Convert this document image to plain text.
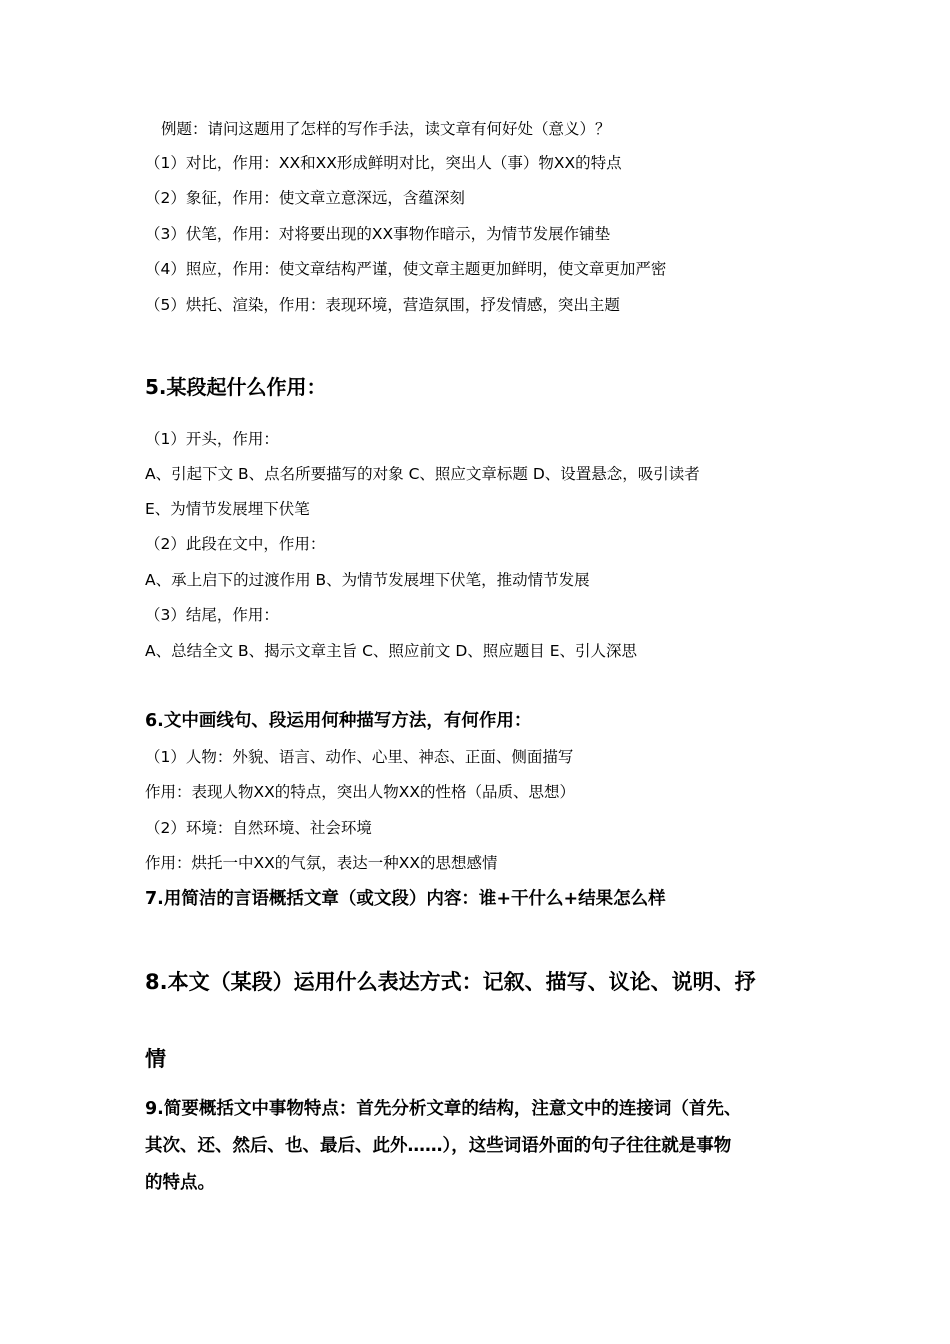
例题：请问这题用了怎样的写作手法，读文章有何好处（意义）？

（1）对比，作用：XX和XX形成鲜明对比，突出人（事）物XX的特点

（2）象征，作用：使文章立意深远，含蕴深刻

（3）伏笔，作用：对将要出现的XX事物作暗示，为情节发展作铺垫

（4）照应，作用：使文章结构严谨，使文章主题更加鲜明，使文章更加严密

（5）烘托、渲染，作用：表现环境，营造氛围，抒发情感，突出主题

5.某段起什么作用：

（1）开头，作用：

A、引起下文 B、点名所要描写的对象 C、照应文章标题 D、设置悬念，吸引读者

E、为情节发展埋下伏笔

（2）此段在文中，作用：

A、承上启下的过渡作用 B、为情节发展埋下伏笔，推动情节发展

（3）结尾，作用：

A、总结全文 B、揭示文章主旨 C、照应前文 D、照应题目 E、引人深思

6.文中画线句、段运用何种描写方法，有何作用：

（1）人物：外貌、语言、动作、心里、神态、正面、侧面描写

作用：表现人物XX的特点，突出人物XX的性格（品质、思想）

（2）环境：自然环境、社会环境

作用：烘托一中XX的气氛，表达一种XX的思想感情

7.用简洁的言语概括文章（或文段）内容：谁+干什么+结果怎么样
8.本文（某段）运用什么表达方式：记叙、描写、议论、说明、抒
情

9.简要概括文中事物特点：首先分析文章的结构，注意文中的连接词（首先、

其次、还、然后、也、最后、此外……），这些词语外面的句子往往就是事物

的特点。
